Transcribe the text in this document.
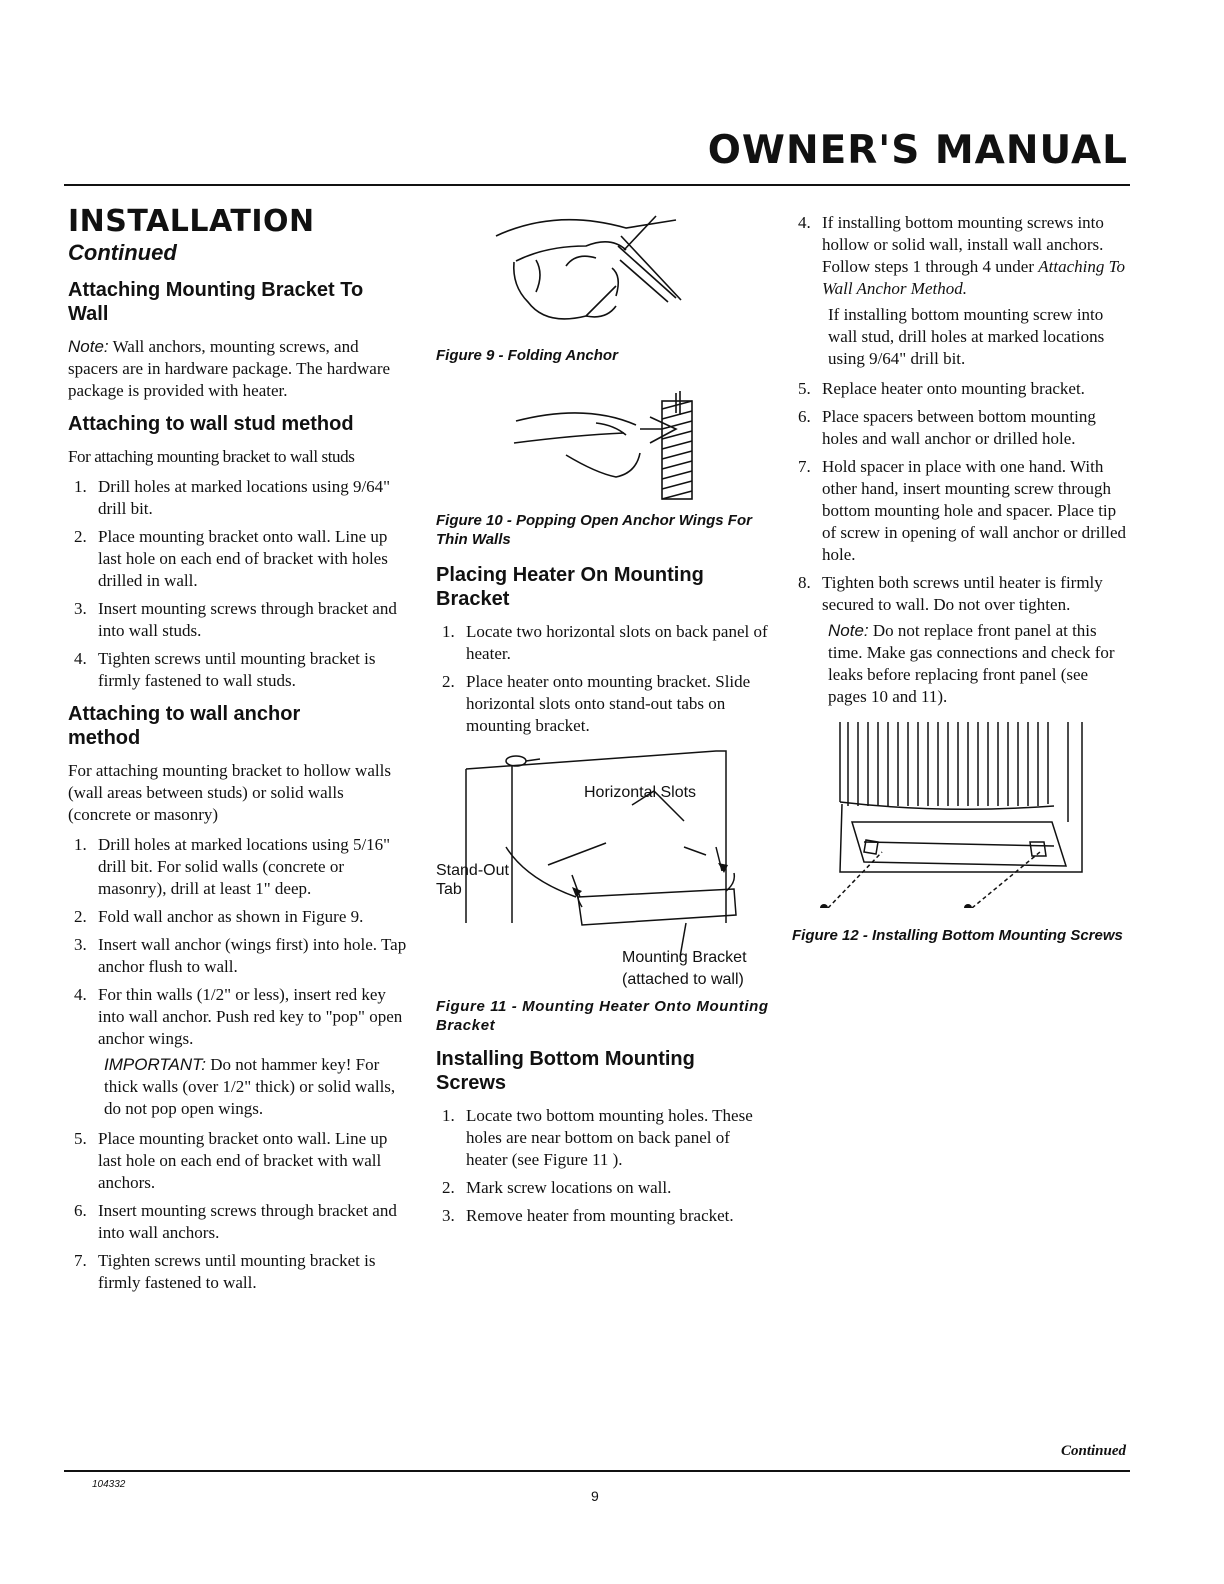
OWNER'S MANUAL
INSTALLATION
Continued
Attaching Mounting Bracket To Wall

Note: Wall anchors, mounting screws, and spacers are in hardware package. The hardware package is provided with heater.

Attaching to wall stud method

For attaching mounting bracket to wall studs

1. Drill holes at marked locations using 9/64" drill bit.
2. Place mounting bracket onto wall. Line up last hole on each end of bracket with holes drilled in wall.
3. Insert mounting screws through bracket and into wall studs.
4. Tighten screws until mounting bracket is firmly fastened to wall studs.
Attaching to wall anchor method

For attaching mounting bracket to hollow walls (wall areas between studs) or solid walls (concrete or masonry)

1. Drill holes at marked locations using 5/16" drill bit. For solid walls (concrete or masonry), drill at least 1" deep.
2. Fold wall anchor as shown in Figure 9.
3. Insert wall anchor (wings first) into hole. Tap anchor flush to wall.
4. For thin walls (1/2" or less), insert red key into wall anchor. Push red key to "pop" open anchor wings.

IMPORTANT: Do not hammer key! For thick walls (over 1/2" thick) or solid walls, do not pop open wings.

5. Place mounting bracket onto wall. Line up last hole on each end of bracket with wall anchors.
6. Insert mounting screws through bracket and into wall anchors.
7. Tighten screws until mounting bracket is firmly fastened to wall.
Figure 9 - Folding Anchor
Figure 10 - Popping Open Anchor Wings For Thin Walls
Placing Heater On Mounting Bracket
1. Locate two horizontal slots on back panel of heater.
2. Place heater onto mounting bracket. Slide horizontal slots onto stand-out tabs on mounting bracket.
Horizontal Slots
Stand-Out
Tab
Mounting Bracket
(attached to wall)
Figure 11 - Mounting Heater Onto Mounting Bracket
Installing Bottom Mounting Screws
1. Locate two bottom mounting holes. These holes are near bottom on back panel of heater (see Figure 11 ).
2. Mark screw locations on wall.
3. Remove heater from mounting bracket.
4. If installing bottom mounting screws into hollow or solid wall, install wall anchors. Follow steps 1 through 4 under Attaching To Wall Anchor Method.

If installing bottom mounting screw into wall stud, drill holes at marked locations using 9/64" drill bit.

5. Replace heater onto mounting bracket.
6. Place spacers between bottom mounting holes and wall anchor or drilled hole.
7. Hold spacer in place with one hand. With other hand, insert mounting screw through bottom mounting hole and spacer. Place tip of screw in opening of wall anchor or drilled hole.
8. Tighten both screws until heater is firmly secured to wall. Do not over tighten.

Note: Do not replace front panel at this time. Make gas connections and check for leaks before replacing front panel (see pages 10 and 11).

Figure 12 - Installing Bottom Mounting Screws
Continued
104332
9
